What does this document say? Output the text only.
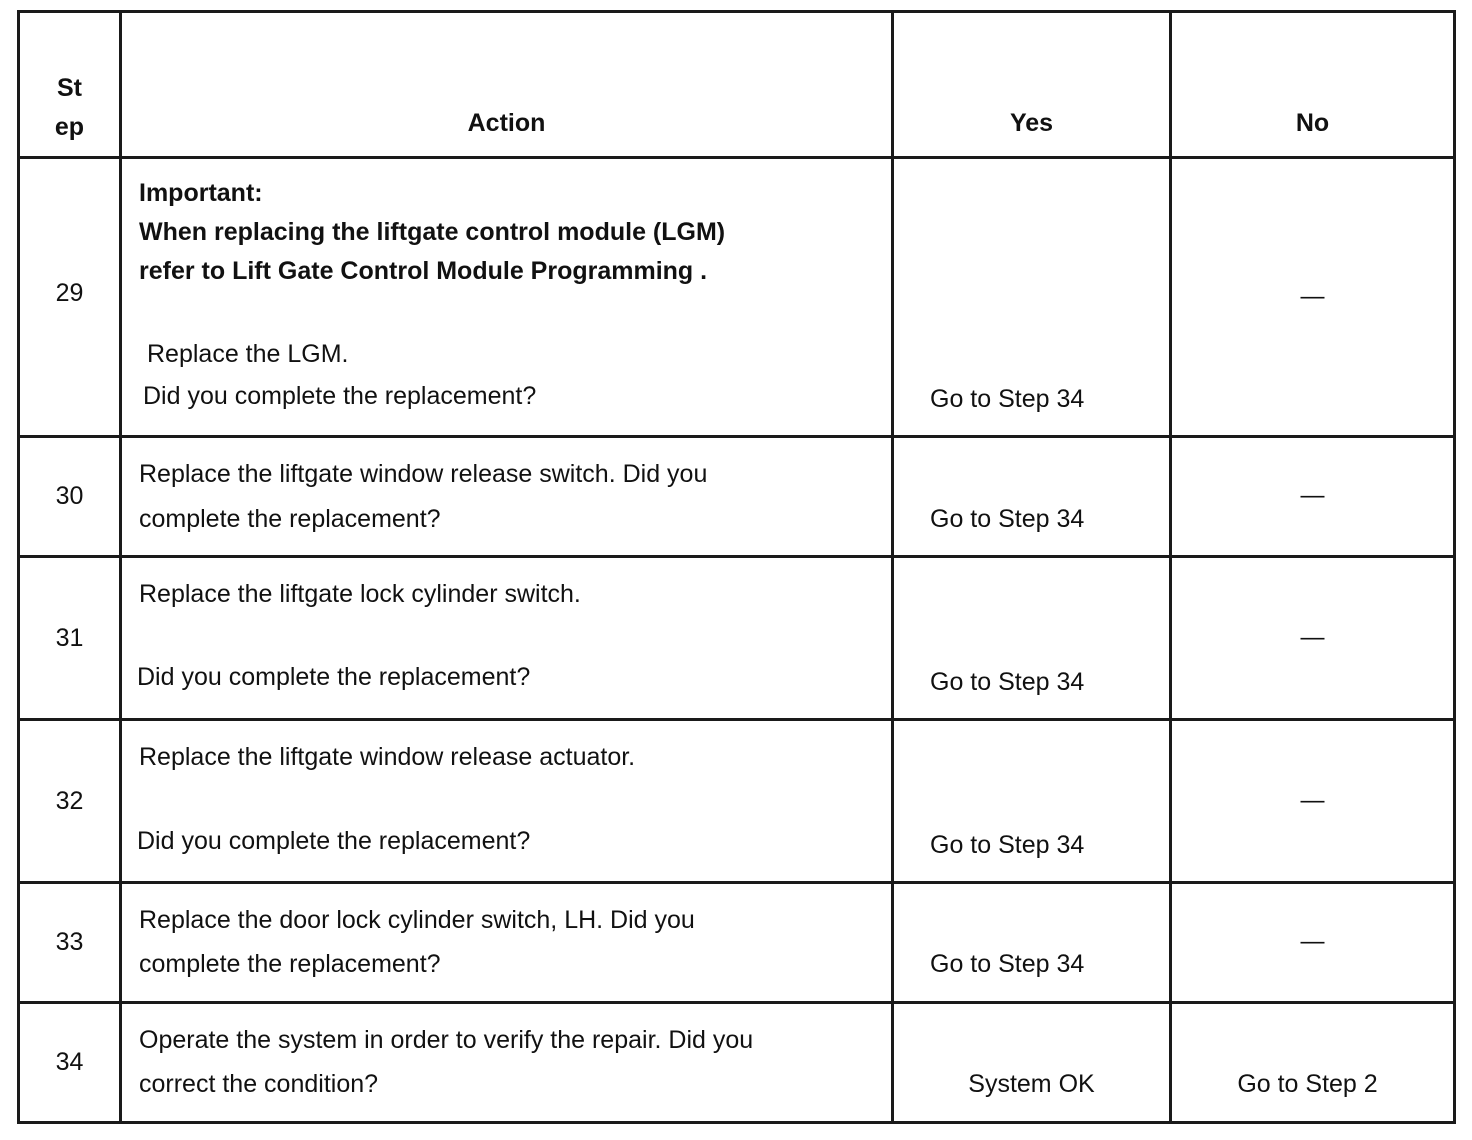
St
ep	Action	Yes	No

29	Important:
When replacing the liftgate control module (LGM)
refer to Lift Gate Control Module Programming .
Replace the LGM.
Did you complete the replacement?	Go to Step 34	—

30	Replace the liftgate window release switch. Did you
complete the replacement?	Go to Step 34	—

31	Replace the liftgate lock cylinder switch.
Did you complete the replacement?	Go to Step 34	—

32	Replace the liftgate window release actuator.
Did you complete the replacement?	Go to Step 34	—

33	Replace the door lock cylinder switch, LH. Did you
complete the replacement?	Go to Step 34	—

34	Operate the system in order to verify the repair. Did you
correct the condition?	System OK	Go to Step 2
